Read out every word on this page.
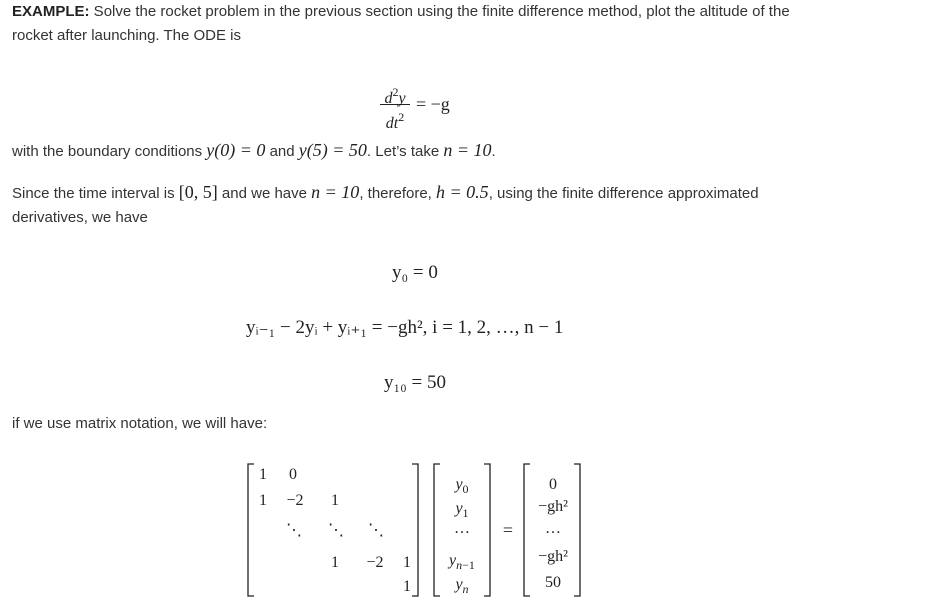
EXAMPLE: Solve the rocket problem in the previous section using the finite difference method, plot the altitude of the rocket after launching. The ODE is
$d^2y$
$dt^2$
= −g
with the boundary conditions y(0) = 0 and y(5) = 50. Let’s take n = 10.
Since the time interval is [0, 5] and we have n = 10, therefore, h = 0.5, using the finite difference approximated derivatives, we have
y₀ = 0
yᵢ₋₁ − 2yᵢ + yᵢ₊₁ = −gh², i = 1, 2, …, n − 1
y₁₀ = 50
if we use matrix notation, we will have:
1 0
1 −2 1
⋱ ⋱ ⋱
1 −2 1
1
$y_0$
$y_1$
…
$y_{n-1}$
$y_n$
=
0
−gh²
…
−gh²
50
